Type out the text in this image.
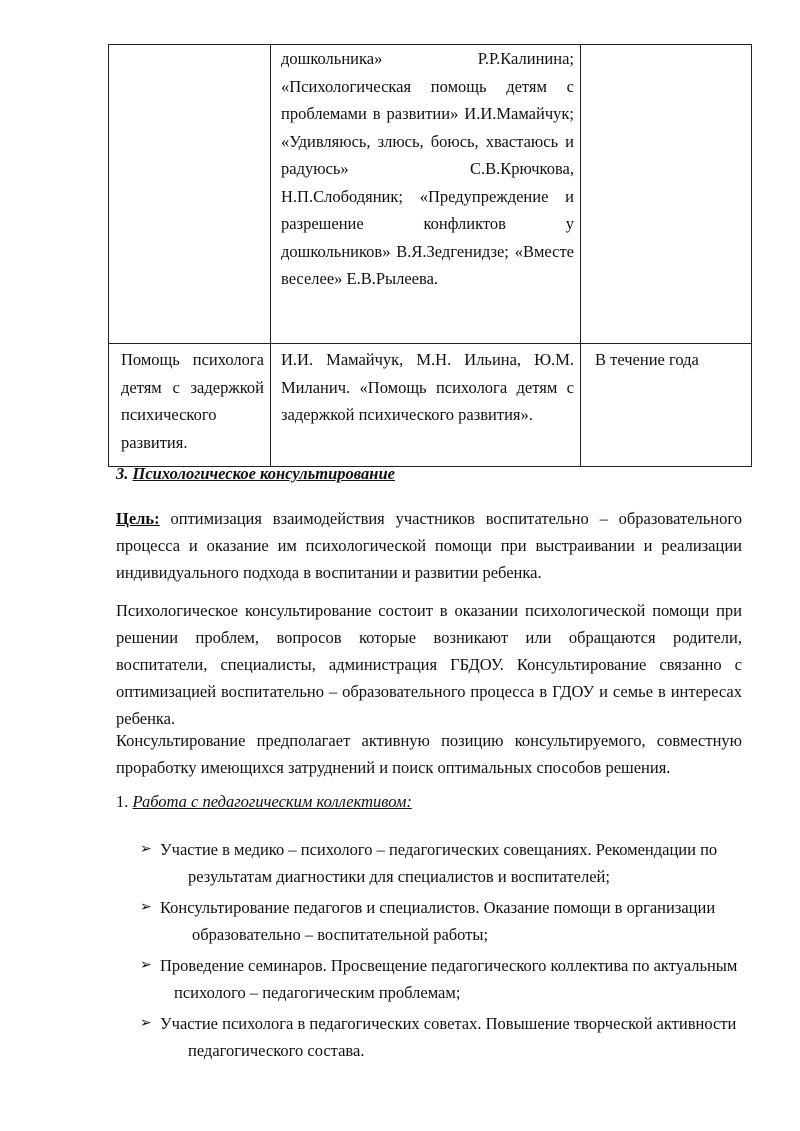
	дошкольника» Р.Р.Калинина; «Психологическая помощь детям с проблемами в развитии» И.И.Мамайчук; «Удивляюсь, злюсь, боюсь, хвастаюсь и радуюсь» С.В.Крючкова, Н.П.Слободяник; «Предупреждение и разрешение конфликтов у дошкольников» В.Я.Зедгенидзе; «Вместе веселее» Е.В.Рылеева.	

Помощь психолога детям с задержкой психического развития.	И.И. Мамайчук, М.Н. Ильина, Ю.М. Миланич. «Помощь психолога детям с задержкой психического развития».	В течение года

3. Психологическое консультирование

Цель: оптимизация взаимодействия участников воспитательно – образовательного процесса и оказание им психологической помощи при выстраивании и реализации индивидуального подхода в воспитании и развитии ребенка.

Психологическое консультирование состоит в оказании психологической помощи при решении проблем, вопросов которые возникают или обращаются родители, воспитатели, специалисты, администрация ГБДОУ. Консультирование связанно с оптимизацией воспитательно – образовательного процесса в ГДОУ и семье в интересах ребенка.

Консультирование предполагает активную позицию консультируемого, совместную проработку имеющихся затруднений и поиск оптимальных способов решения.

1. Работа с педагогическим коллективом:

➢ Участие в медико – психолого – педагогических совещаниях. Рекомендации по
результатам диагностики для специалистов и воспитателей;
➢ Консультирование педагогов и специалистов. Оказание помощи в организации
образовательно – воспитательной работы;
➢ Проведение семинаров. Просвещение педагогического коллектива по актуальным
психолого – педагогическим проблемам;
➢ Участие психолога в педагогических советах. Повышение творческой активности
педагогического состава.
